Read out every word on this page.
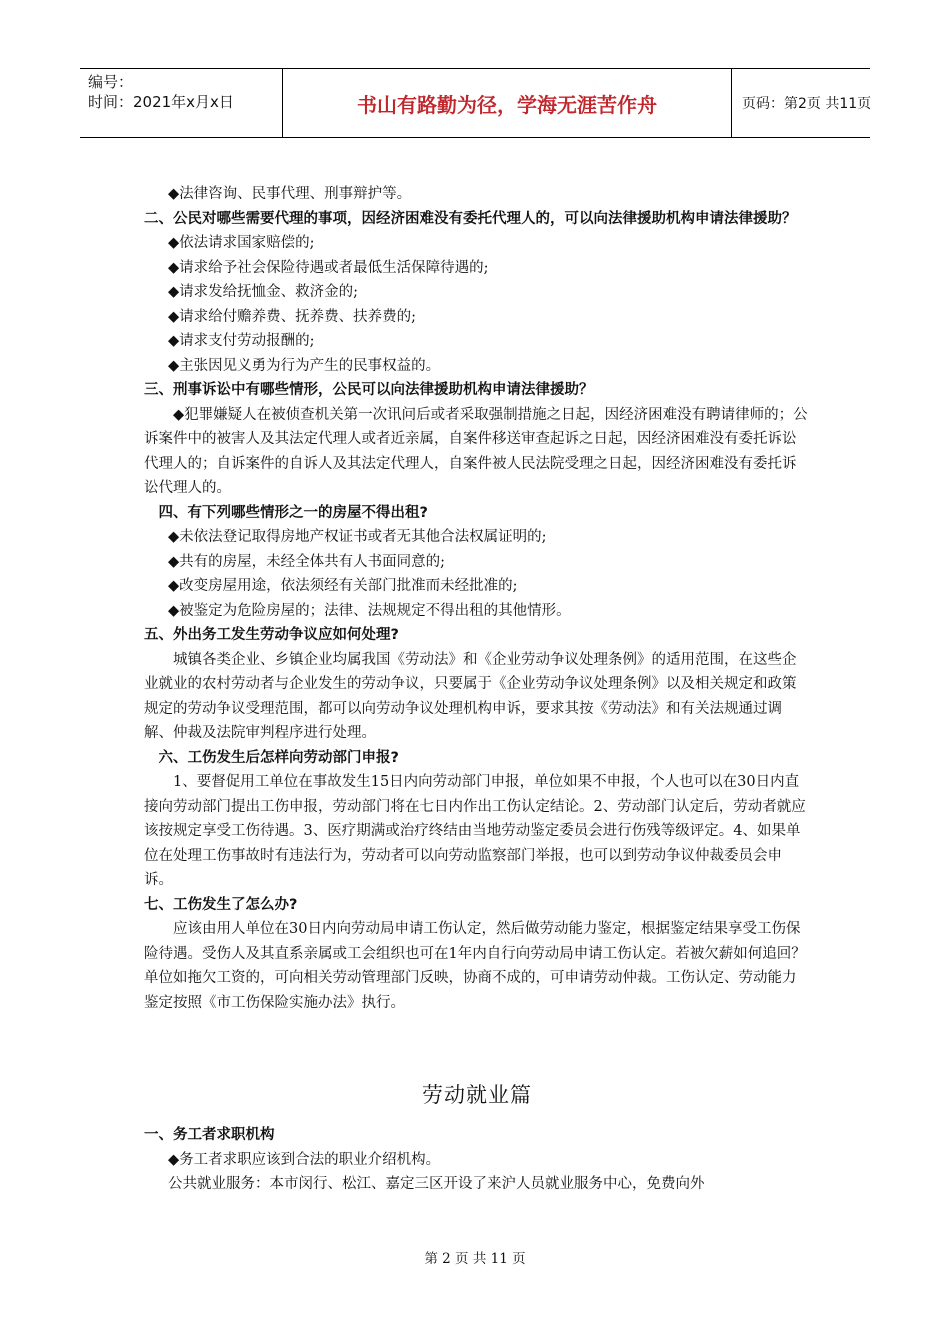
编号：
时间：2021年x月x日	书山有路勤为径，学海无涯苦作舟	页码：第2页 共11页

◆法律咨询、民事代理、刑事辩护等。

二、公民对哪些需要代理的事项，因经济困难没有委托代理人的，可以向法律援助机构申请法律援助？

◆依法请求国家赔偿的;

◆请求给予社会保险待遇或者最低生活保障待遇的;

◆请求发给抚恤金、救济金的;

◆请求给付赡养费、抚养费、扶养费的;

◆请求支付劳动报酬的;

◆主张因见义勇为行为产生的民事权益的。

三、刑事诉讼中有哪些情形，公民可以向法律援助机构申请法律援助？

◆犯罪嫌疑人在被侦查机关第一次讯问后或者采取强制措施之日起，因经济困难没有聘请律师的；公诉案件中的被害人及其法定代理人或者近亲属，自案件移送审查起诉之日起，因经济困难没有委托诉讼代理人的；自诉案件的自诉人及其法定代理人，自案件被人民法院受理之日起，因经济困难没有委托诉讼代理人的。

　四、有下列哪些情形之一的房屋不得出租?

◆未依法登记取得房地产权证书或者无其他合法权属证明的;

◆共有的房屋，未经全体共有人书面同意的;

◆改变房屋用途，依法须经有关部门批准而未经批准的;

◆被鉴定为危险房屋的；法律、法规规定不得出租的其他情形。

五、外出务工发生劳动争议应如何处理?

城镇各类企业、乡镇企业均属我国《劳动法》和《企业劳动争议处理条例》的适用范围，在这些企业就业的农村劳动者与企业发生的劳动争议，只要属于《企业劳动争议处理条例》以及相关规定和政策规定的劳动争议受理范围，都可以向劳动争议处理机构申诉，要求其按《劳动法》和有关法规通过调解、仲裁及法院审判程序进行处理。

　六、工伤发生后怎样向劳动部门申报?

1、要督促用工单位在事故发生15日内向劳动部门申报，单位如果不申报，个人也可以在30日内直接向劳动部门提出工伤申报，劳动部门将在七日内作出工伤认定结论。2、劳动部门认定后，劳动者就应该按规定享受工伤待遇。3、医疗期满或治疗终结由当地劳动鉴定委员会进行伤残等级评定。4、如果单位在处理工伤事故时有违法行为，劳动者可以向劳动监察部门举报，也可以到劳动争议仲裁委员会申诉。

七、工伤发生了怎么办?

应该由用人单位在30日内向劳动局申请工伤认定，然后做劳动能力鉴定，根据鉴定结果享受工伤保险待遇。受伤人及其直系亲属或工会组织也可在1年内自行向劳动局申请工伤认定。若被欠薪如何追回？单位如拖欠工资的，可向相关劳动管理部门反映，协商不成的，可申请劳动仲裁。工伤认定、劳动能力鉴定按照《市工伤保险实施办法》执行。

劳动就业篇

一、务工者求职机构

◆务工者求职应该到合法的职业介绍机构。

公共就业服务：本市闵行、松江、嘉定三区开设了来沪人员就业服务中心，免费向外

第 2 页 共 11 页
